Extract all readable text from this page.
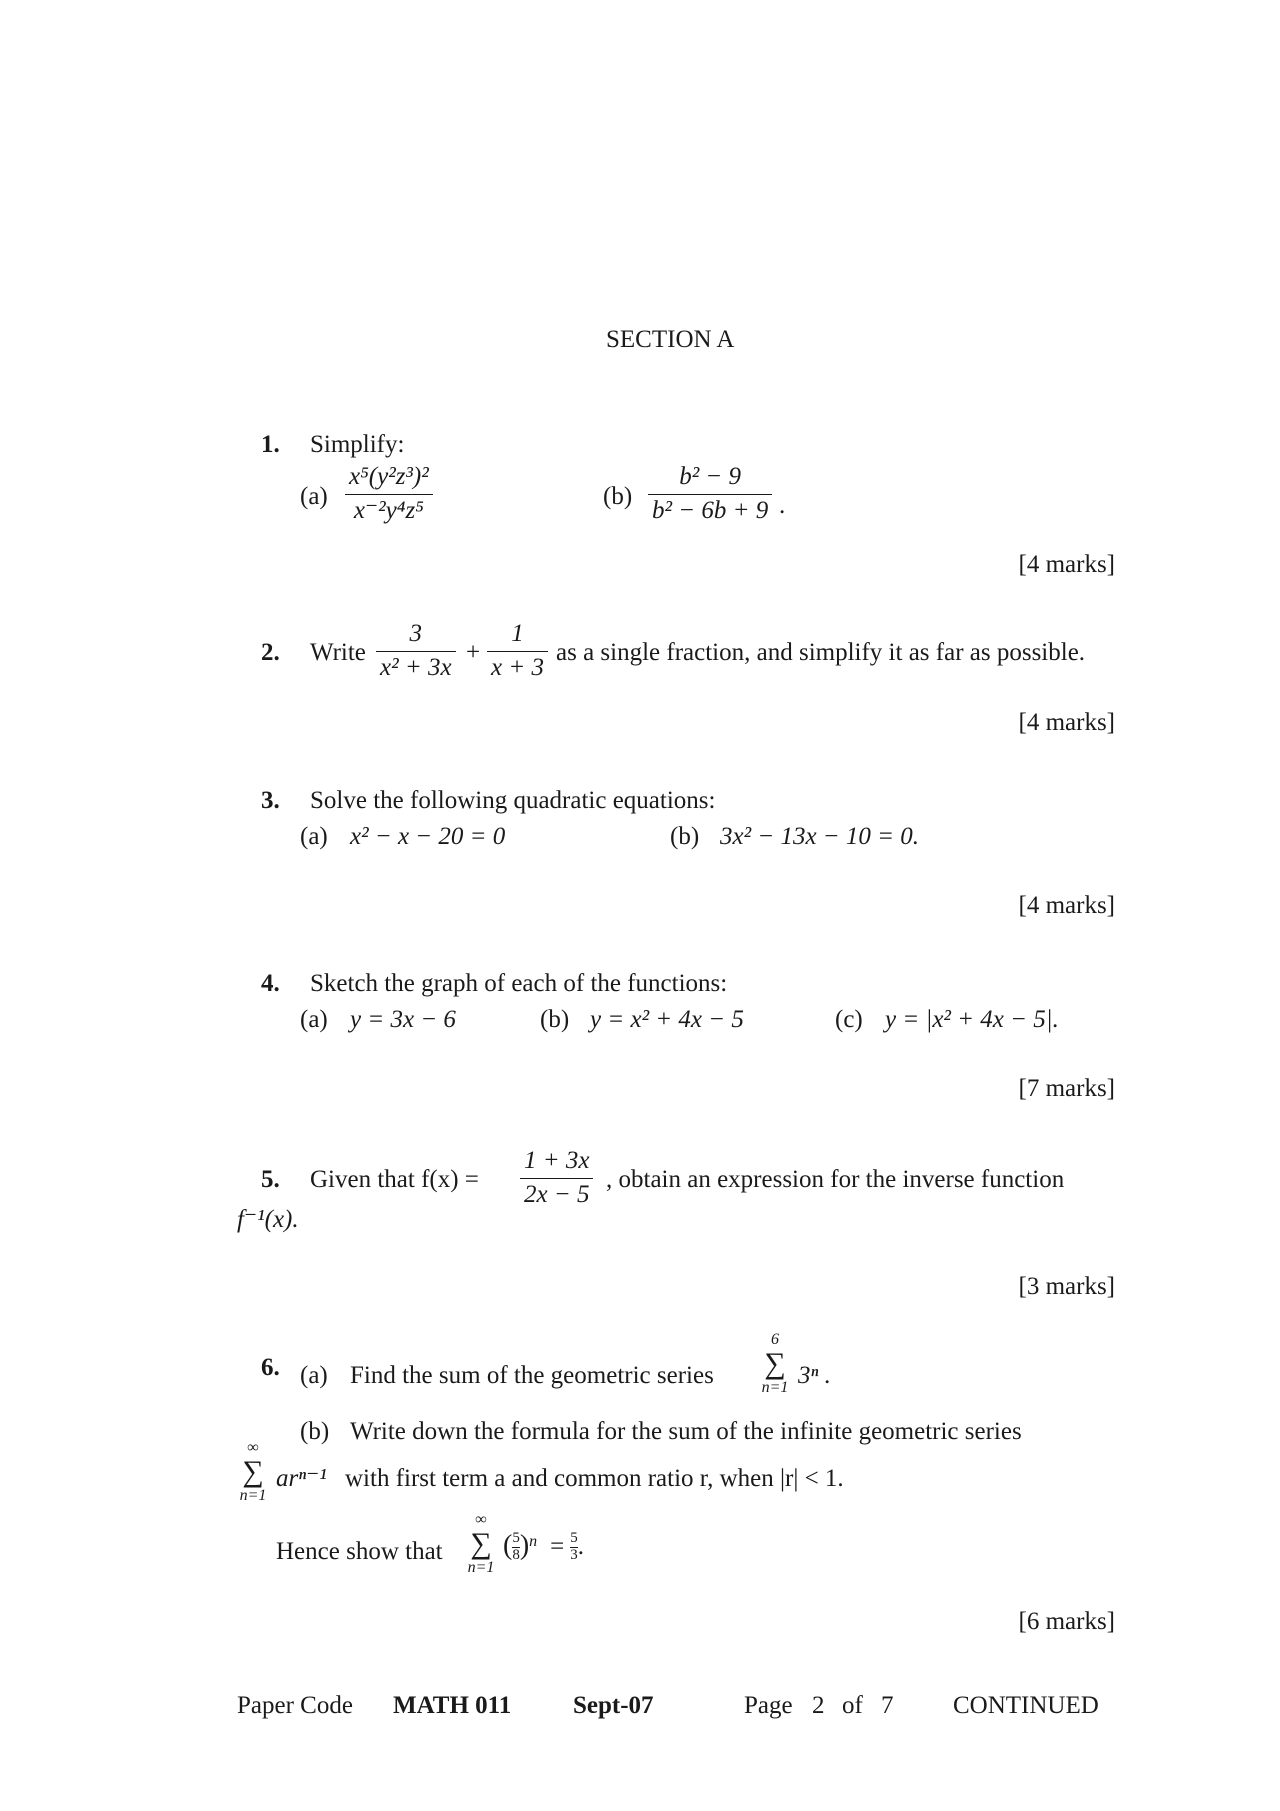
SECTION A
1. Simplify:
(a)
x⁵(y²z³)²
x⁻²y⁴z⁵
(b)
b² − 9
b² − 6b + 9 .
[4 marks]
2. Write
3
x² + 3x
+
1
x + 3
as a single fraction, and simplify it as far as possible.
[4 marks]
3. Solve the following quadratic equations:
(a) x² − x − 20 = 0	(b) 3x² − 13x − 10 = 0.
[4 marks]
4. Sketch the graph of each of the functions:
(a) y = 3x − 6	(b) y = x² + 4x − 5	(c) y = |x² + 4x − 5|.
[7 marks]
5. Given that f(x) =
1 + 3x
2x − 5
, obtain an expression for the inverse function
f⁻¹(x).
[3 marks]
6. (a) Find the sum of the geometric series
6
∑
n=1 3ⁿ .
(b) Write down the formula for the sum of the infinite geometric series
∞
∑
n=1
arⁿ⁻¹ with first term a and common ratio r, when |r| < 1.
Hence show that
∞
∑
n=1
( $\frac{5}{8} )^n = \frac{5}{3}$ .
[6 marks]
Paper Code MATH 011 Sept-07	Page 2 of 7 CONTINUED
